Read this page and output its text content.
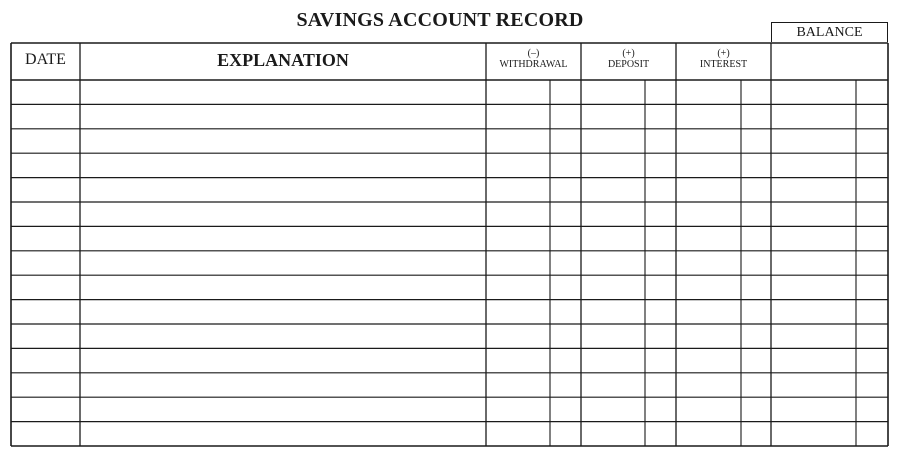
SAVINGS ACCOUNT RECORD
BALANCE
DATE	EXPLANATION	(–)
WITHDRAWAL
(+)
DEPOSIT
(+)
INTEREST
